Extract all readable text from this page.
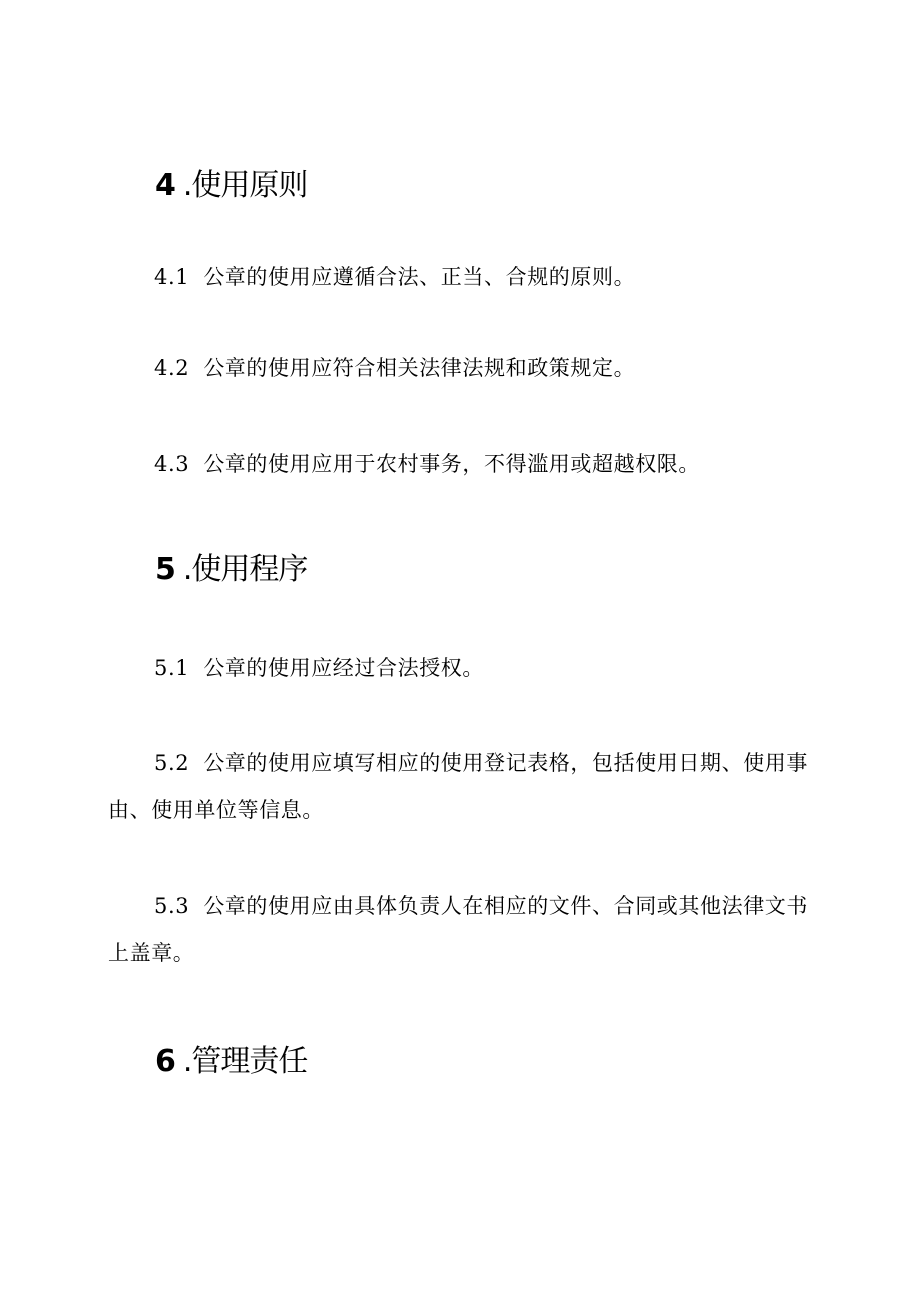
4 .使用原则
4.1 公章的使用应遵循合法、正当、合规的原则。
4.2 公章的使用应符合相关法律法规和政策规定。
4.3 公章的使用应用于农村事务，不得滥用或超越权限。
5 .使用程序
5.1 公章的使用应经过合法授权。
5.2 公章的使用应填写相应的使用登记表格，包括使用日期、使用事由、使用单位等信息。
5.3 公章的使用应由具体负责人在相应的文件、合同或其他法律文书上盖章。
6 .管理责任
